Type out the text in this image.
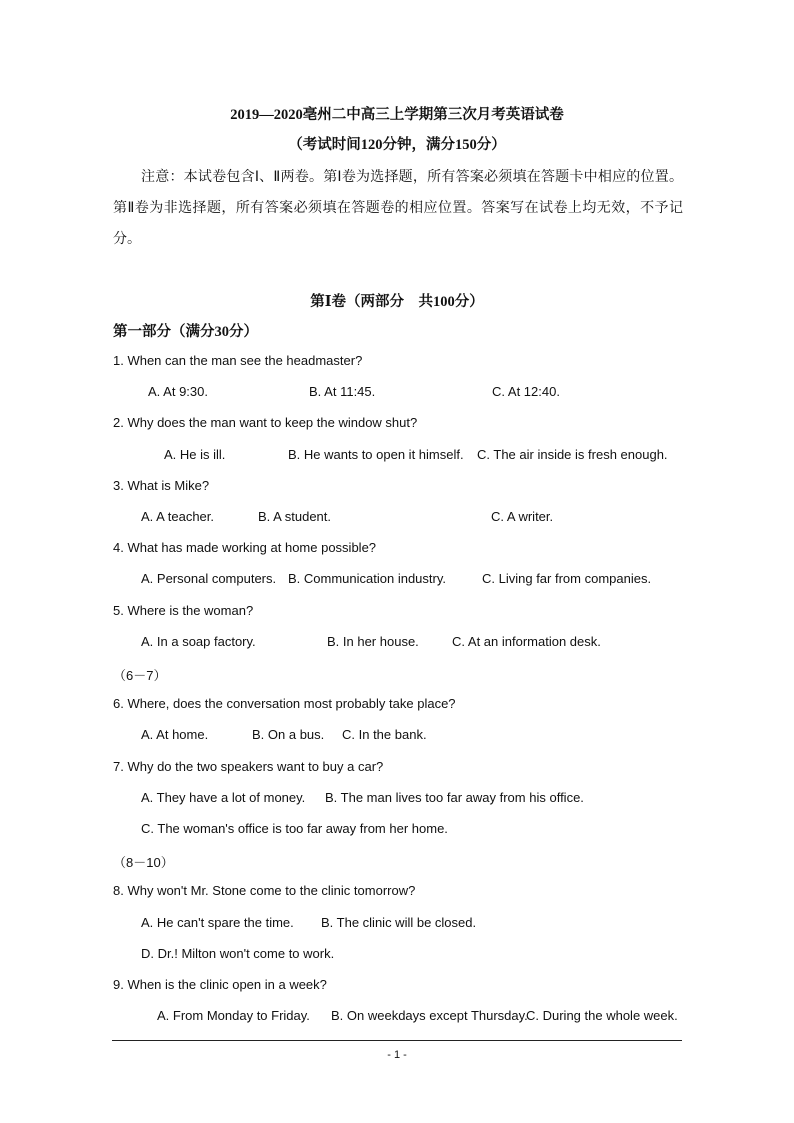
2019—2020亳州二中高三上学期第三次月考英语试卷
（考试时间120分钟，满分150分）
注意：本试卷包含Ⅰ、Ⅱ两卷。第Ⅰ卷为选择题，所有答案必须填在答题卡中相应的位置。第Ⅱ卷为非选择题，所有答案必须填在答题卷的相应位置。答案写在试卷上均无效，不予记分。
第Ⅰ卷（两部分　共100分）
第一部分（满分30分）
1. When can the man see the headmaster?
A. At 9:30.	B. At 11:45.	C. At 12:40.
2. Why does the man want to keep the window shut?
A. He is ill.	B. He wants to open it himself. C. The air inside is fresh enough.
3. What is Mike?
A. A teacher.	B. A student.	C. A writer.
4. What has made working at home possible?
A. Personal computers. B. Communication industry.	C. Living far from companies.
5. Where is the woman?
A. In a soap factory.	B. In her house.	C. At an information desk.
（6－7）
6. Where, does the conversation most probably take place?
A. At home.	B. On a bus. C. In the bank.
7. Why do the two speakers want to buy a car?
A. They have a lot of money. B. The man lives too far away from his office.
C. The woman's office is too far away from her home.
（8－10）
8. Why won't Mr. Stone come to the clinic tomorrow?
A. He can't spare the time. B. The clinic will be closed.
D. Dr.! Milton won't come to work.
9. When is the clinic open in a week?
A. From Monday to Friday. B. On weekdays except Thursday.
C. During the whole week.
- 1 -
